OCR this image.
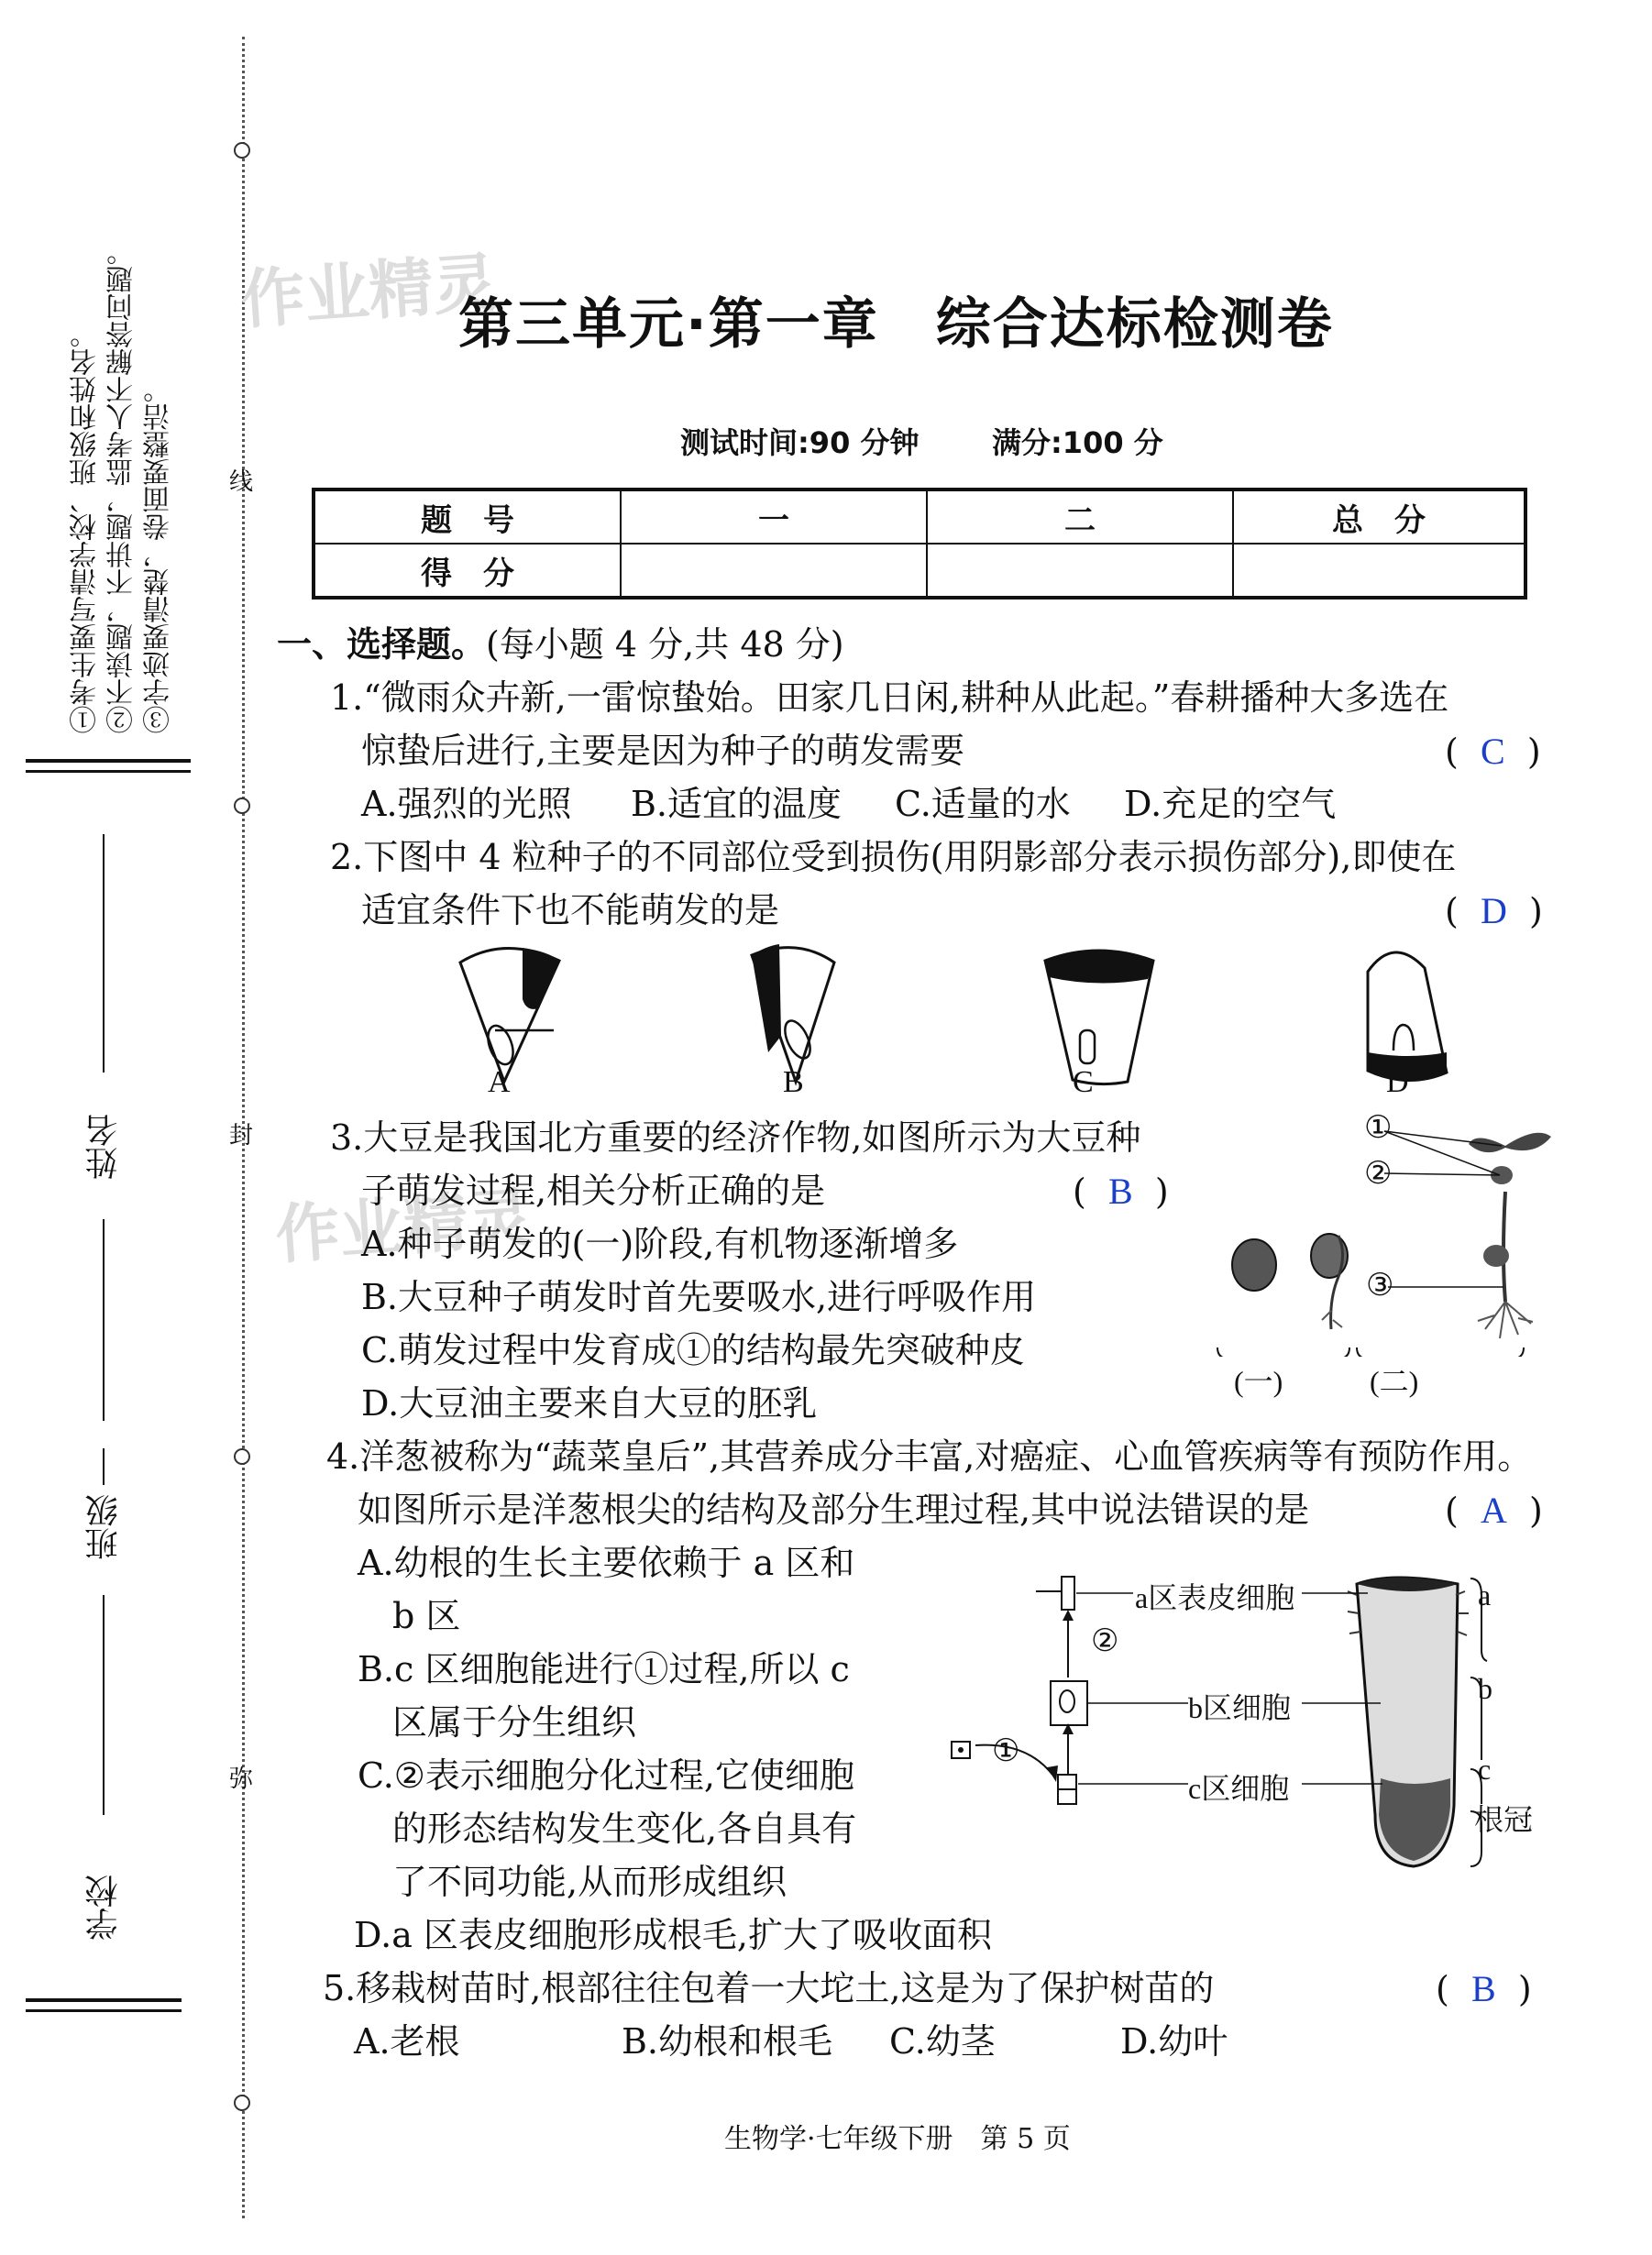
线
封
弥
①考生要写清学校、班级和姓名。 ②不读题，不讲题，监考人不解答问题。 ③字迹要清楚，卷面要整洁。
姓名
班级
学校
作业精灵
作业精灵
第三单元·第一章　综合达标检测卷
测试时间:90 分钟 满分:100 分
题　号	一	二	总　分
得　分			
一、选择题。(每小题 4 分,共 48 分)
1.“微雨众卉新,一雷惊蛰始。田家几日闲,耕种从此起。”春耕播种大多选在
惊蛰后进行,主要是因为种子的萌发需要	(  C  )
A.强烈的光照 B.适宜的温度 C.适量的水 D.充足的空气
2.下图中 4 粒种子的不同部位受到损伤(用阴影部分表示损伤部分),即使在
适宜条件下也不能萌发的是	(  D  )
A	B	C	D
3.大豆是我国北方重要的经济作物,如图所示为大豆种
子萌发过程,相关分析正确的是	(  B  )
A.种子萌发的(一)阶段,有机物逐渐增多
B.大豆种子萌发时首先要吸水,进行呼吸作用
C.萌发过程中发育成①的结构最先突破种皮
D.大豆油主要来自大豆的胚乳
①
②
③
(一)	(二)
4.洋葱被称为“蔬菜皇后”,其营养成分丰富,对癌症、心血管疾病等有预防作用。
如图所示是洋葱根尖的结构及部分生理过程,其中说法错误的是	(  A  )
A.幼根的生长主要依赖于 a 区和
b 区
B.c 区细胞能进行①过程,所以 c
区属于分生组织
C.②表示细胞分化过程,它使细胞
的形态结构发生变化,各自具有
了不同功能,从而形成组织
D.a 区表皮细胞形成根毛,扩大了吸收面积
a区表皮细胞
b区细胞
c区细胞
②
①
a
b
c
根冠
5.移栽树苗时,根部往往包着一大坨土,这是为了保护树苗的	(  B  )
A.老根	B.幼根和根毛 C.幼茎	D.幼叶
生物学·七年级下册　第 5 页
